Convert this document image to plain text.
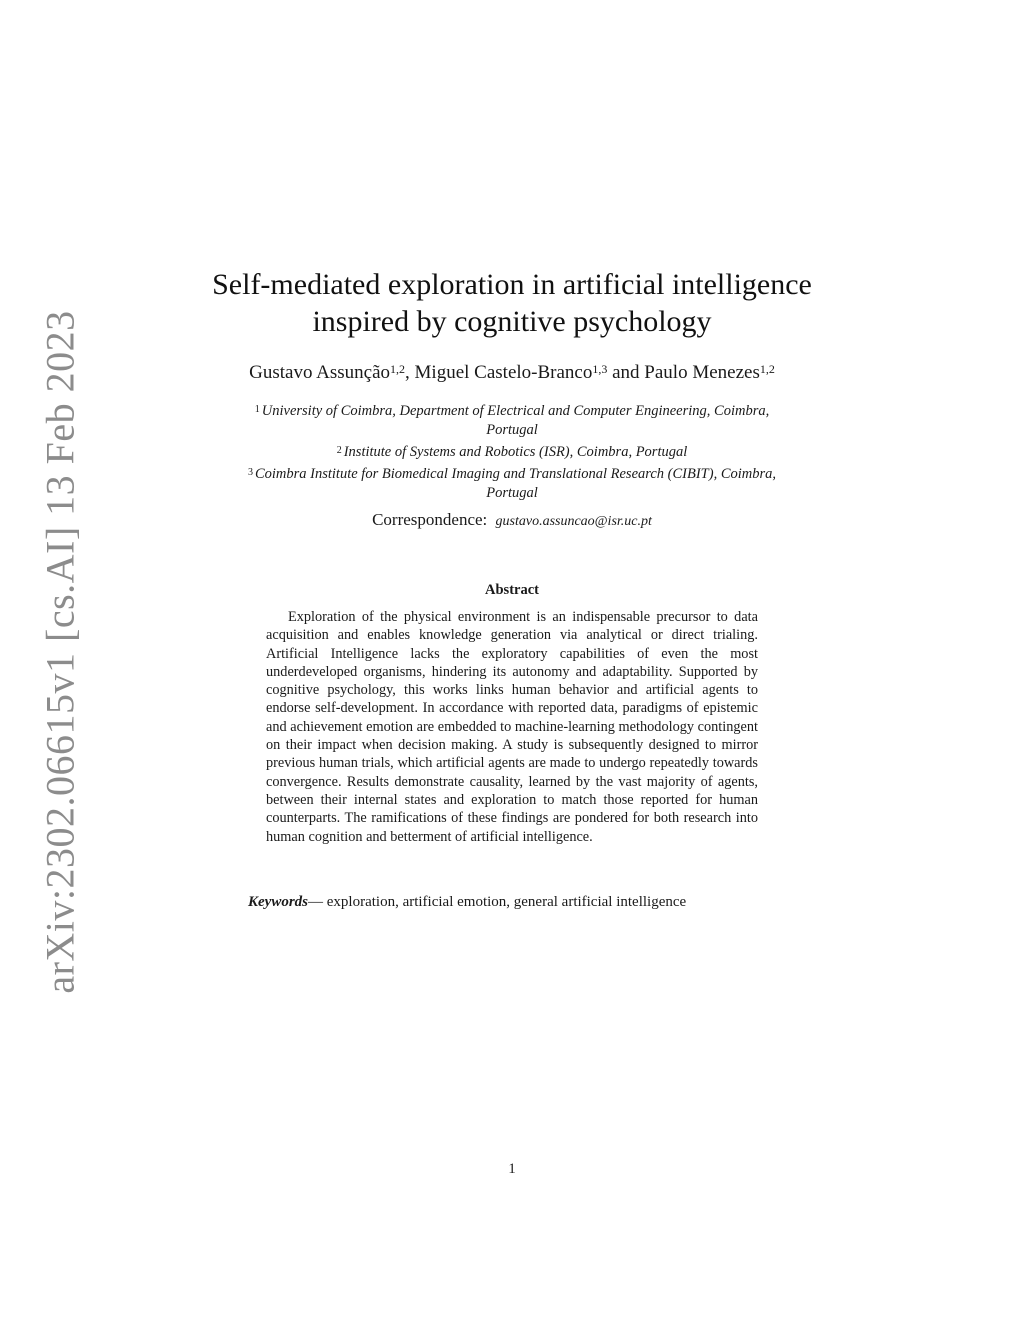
arXiv:2302.06615v1 [cs.AI] 13 Feb 2023
Self-mediated exploration in artificial intelligence
inspired by cognitive psychology
Gustavo Assunção$^{1,2}$, Miguel Castelo-Branco$^{1,3}$ and Paulo Menezes$^{1,2}$
$^1$ University of Coimbra, Department of Electrical and Computer Engineering, Coimbra, Portugal
$^2$ Institute of Systems and Robotics (ISR), Coimbra, Portugal
$^3$ Coimbra Institute for Biomedical Imaging and Translational Research (CIBIT), Coimbra, Portugal
Correspondence: gustavo.assuncao@isr.uc.pt
Abstract
Exploration of the physical environment is an indispensable precursor to data acquisition and enables knowledge generation via analytical or direct trialing. Artificial Intelligence lacks the exploratory capabilities of even the most underdeveloped organisms, hindering its autonomy and adaptability. Supported by cognitive psychology, this works links human behavior and artificial agents to endorse self-development. In accordance with reported data, paradigms of epistemic and achievement emotion are embedded to machine-learning methodology contingent on their impact when decision making. A study is subsequently designed to mirror previous human trials, which artificial agents are made to undergo repeatedly towards convergence. Results demonstrate causality, learned by the vast majority of agents, between their internal states and exploration to match those reported for human counterparts. The ramifications of these findings are pondered for both research into human cognition and betterment of artificial intelligence.
Keywords— exploration, artificial emotion, general artificial intelligence
1
